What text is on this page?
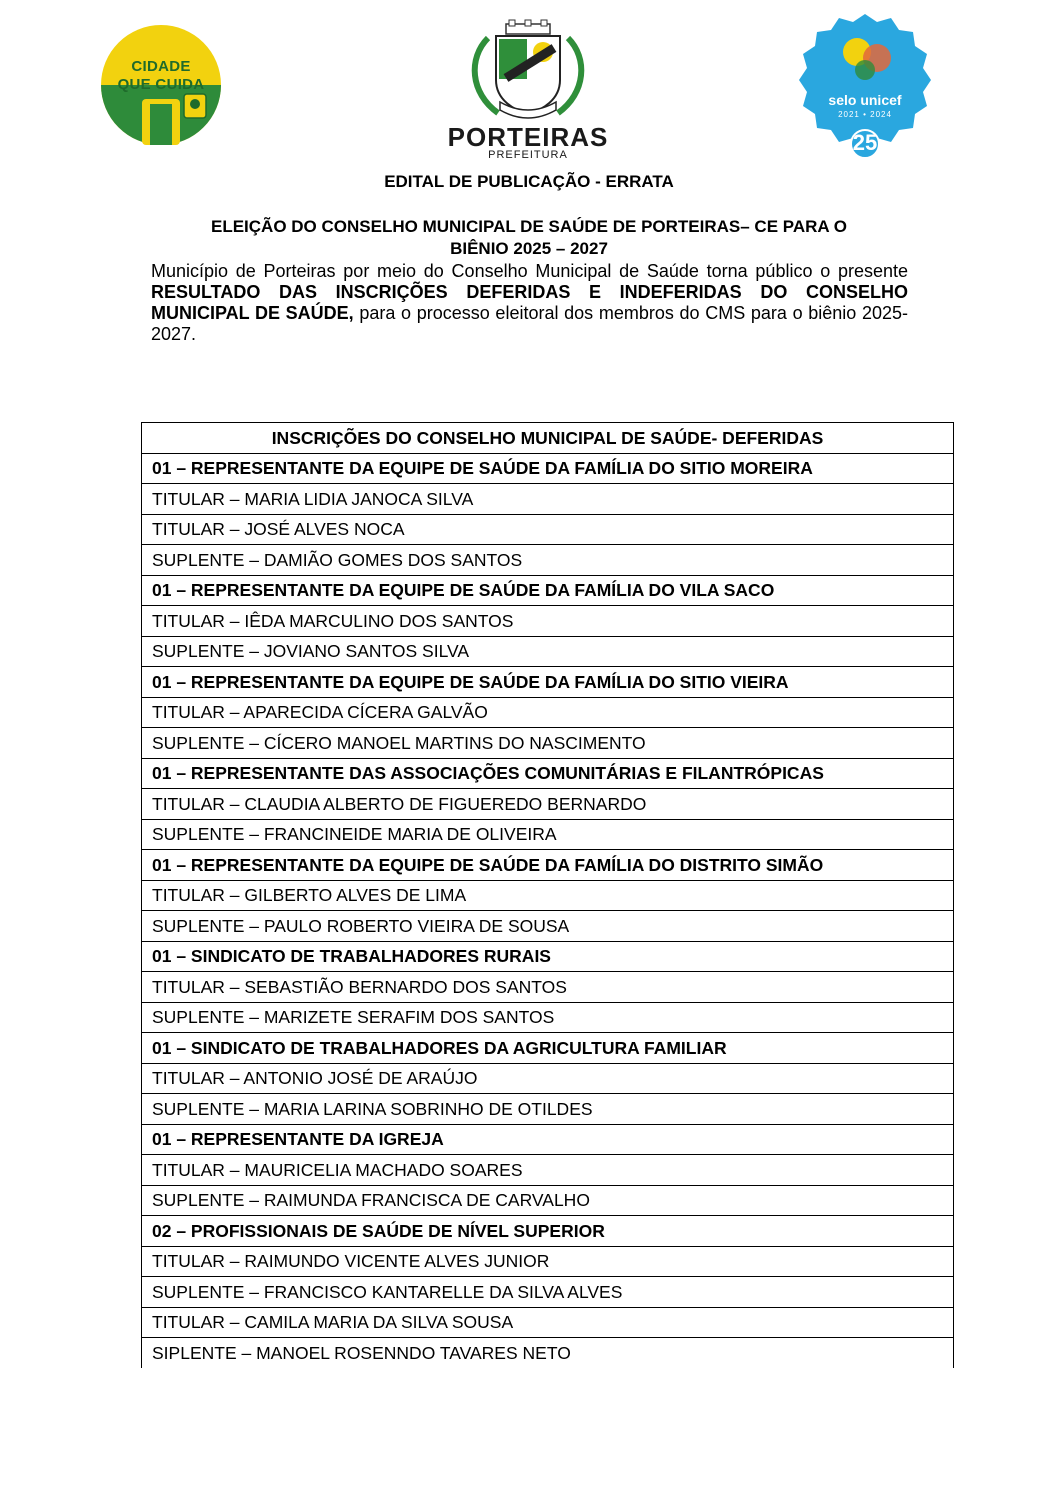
CIDADE
QUE CUIDA
PORTEIRAS
PREFEITURA
selo unicef
2021 • 2024
25
EDITAL DE PUBLICAÇÃO - ERRATA
ELEIÇÃO DO CONSELHO MUNICIPAL DE SAÚDE DE PORTEIRAS– CE PARA O
BIÊNIO 2025 – 2027
Município de Porteiras por meio do Conselho Municipal de Saúde torna público o presente RESULTADO DAS INSCRIÇÕES DEFERIDAS E INDEFERIDAS DO CONSELHO MUNICIPAL DE SAÚDE, para o processo eleitoral dos membros do CMS para o biênio 2025-2027.
INSCRIÇÕES DO CONSELHO MUNICIPAL DE SAÚDE- DEFERIDAS
01 – REPRESENTANTE DA EQUIPE DE SAÚDE DA FAMÍLIA DO SITIO MOREIRA
TITULAR – MARIA LIDIA JANOCA SILVA
TITULAR – JOSÉ ALVES NOCA
SUPLENTE – DAMIÃO GOMES DOS SANTOS
01 – REPRESENTANTE DA EQUIPE DE SAÚDE DA FAMÍLIA DO VILA SACO
TITULAR – IÊDA MARCULINO DOS SANTOS
SUPLENTE – JOVIANO SANTOS SILVA
01 – REPRESENTANTE DA EQUIPE DE SAÚDE DA FAMÍLIA DO SITIO VIEIRA
TITULAR – APARECIDA CÍCERA GALVÃO
SUPLENTE – CÍCERO MANOEL MARTINS DO NASCIMENTO
01 – REPRESENTANTE DAS ASSOCIAÇÕES COMUNITÁRIAS E FILANTRÓPICAS
TITULAR – CLAUDIA ALBERTO DE FIGUEREDO BERNARDO
SUPLENTE – FRANCINEIDE MARIA DE OLIVEIRA
01 – REPRESENTANTE DA EQUIPE DE SAÚDE DA FAMÍLIA DO DISTRITO SIMÃO
TITULAR – GILBERTO ALVES DE LIMA
SUPLENTE – PAULO ROBERTO VIEIRA DE SOUSA
01 – SINDICATO DE TRABALHADORES RURAIS
TITULAR – SEBASTIÃO BERNARDO DOS SANTOS
SUPLENTE – MARIZETE SERAFIM DOS SANTOS
01 – SINDICATO DE TRABALHADORES DA AGRICULTURA FAMILIAR
TITULAR – ANTONIO JOSÉ DE ARAÚJO
SUPLENTE – MARIA LARINA SOBRINHO DE OTILDES
01 – REPRESENTANTE DA IGREJA
TITULAR – MAURICELIA MACHADO SOARES
SUPLENTE – RAIMUNDA FRANCISCA DE CARVALHO
02 – PROFISSIONAIS DE SAÚDE DE NÍVEL SUPERIOR
TITULAR – RAIMUNDO VICENTE ALVES JUNIOR
SUPLENTE – FRANCISCO KANTARELLE DA SILVA ALVES
TITULAR – CAMILA MARIA DA SILVA SOUSA
SIPLENTE – MANOEL ROSENNDO TAVARES NETO
